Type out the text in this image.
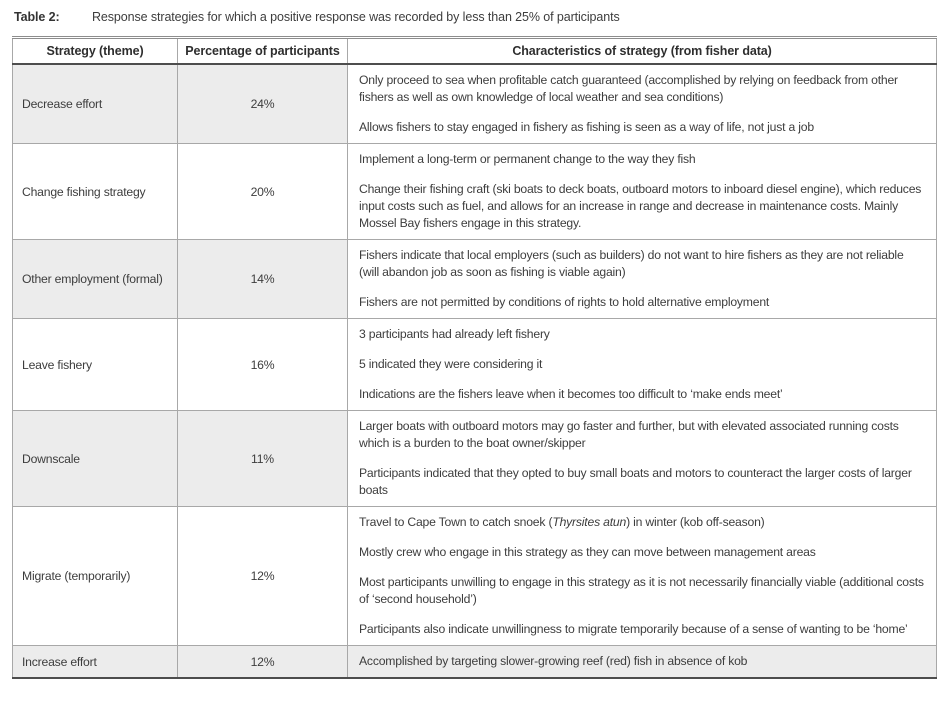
Table 2:	Response strategies for which a positive response was recorded by less than 25% of participants
Strategy (theme)	Percentage of participants	Characteristics of strategy (from fisher data)
Decrease effort	24%	Only proceed to sea when profitable catch guaranteed (accomplished by relying on feedback from other fishers as well as own knowledge of local weather and sea conditions)

Allows fishers to stay engaged in fishery as fishing is seen as a way of life, not just a job

Change fishing strategy	20%	Implement a long-term or permanent change to the way they fish

Change their fishing craft (ski boats to deck boats, outboard motors to inboard diesel engine), which reduces input costs such as fuel, and allows for an increase in range and decrease in maintenance costs. Mainly Mossel Bay fishers engage in this strategy.

Other employment (formal)	14%	Fishers indicate that local employers (such as builders) do not want to hire fishers as they are not reliable (will abandon job as soon as fishing is viable again)

Fishers are not permitted by conditions of rights to hold alternative employment

Leave fishery	16%	3 participants had already left fishery

5 indicated they were considering it

Indications are the fishers leave when it becomes too difficult to ‘make ends meet’

Downscale	11%	Larger boats with outboard motors may go faster and further, but with elevated associated running costs which is a burden to the boat owner/skipper

Participants indicated that they opted to buy small boats and motors to counteract the larger costs of larger boats

Migrate (temporarily)	12%	Travel to Cape Town to catch snoek (Thyrsites atun) in winter (kob off-season)

Mostly crew who engage in this strategy as they can move between management areas

Most participants unwilling to engage in this strategy as it is not necessarily financially viable (additional costs of ‘second household’)

Participants also indicate unwillingness to migrate temporarily because of a sense of wanting to be ‘home’

Increase effort	12%	Accomplished by targeting slower-growing reef (red) fish in absence of kob
